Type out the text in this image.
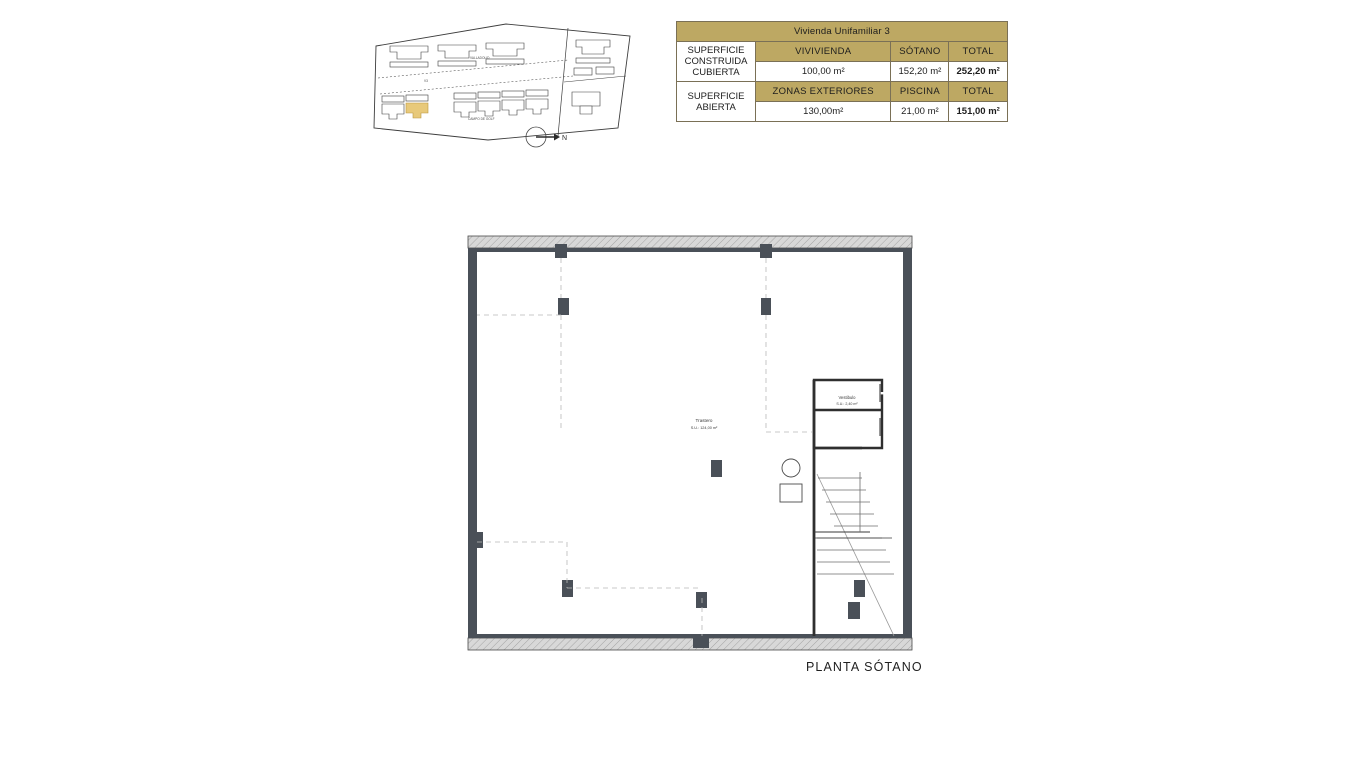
V3
VALLADOLID
CAMPO DE GOLF
N
Vivienda Unifamiliar 3			
SUPERFICIE CONSTRUIDA CUBIERTA	VIVIVIENDA	SÓTANO	TOTAL
	100,00 m²	152,20 m²	252,20 m²
SUPERFICIE ABIERTA	ZONAS EXTERIORES	PISCINA	TOTAL
	130,00m²	21,00 m²	151,00 m²
Trastero
S.U.: 124,00 m²
Vestibulo
S.U.: 2,40 m²
PLANTA SÓTANO
